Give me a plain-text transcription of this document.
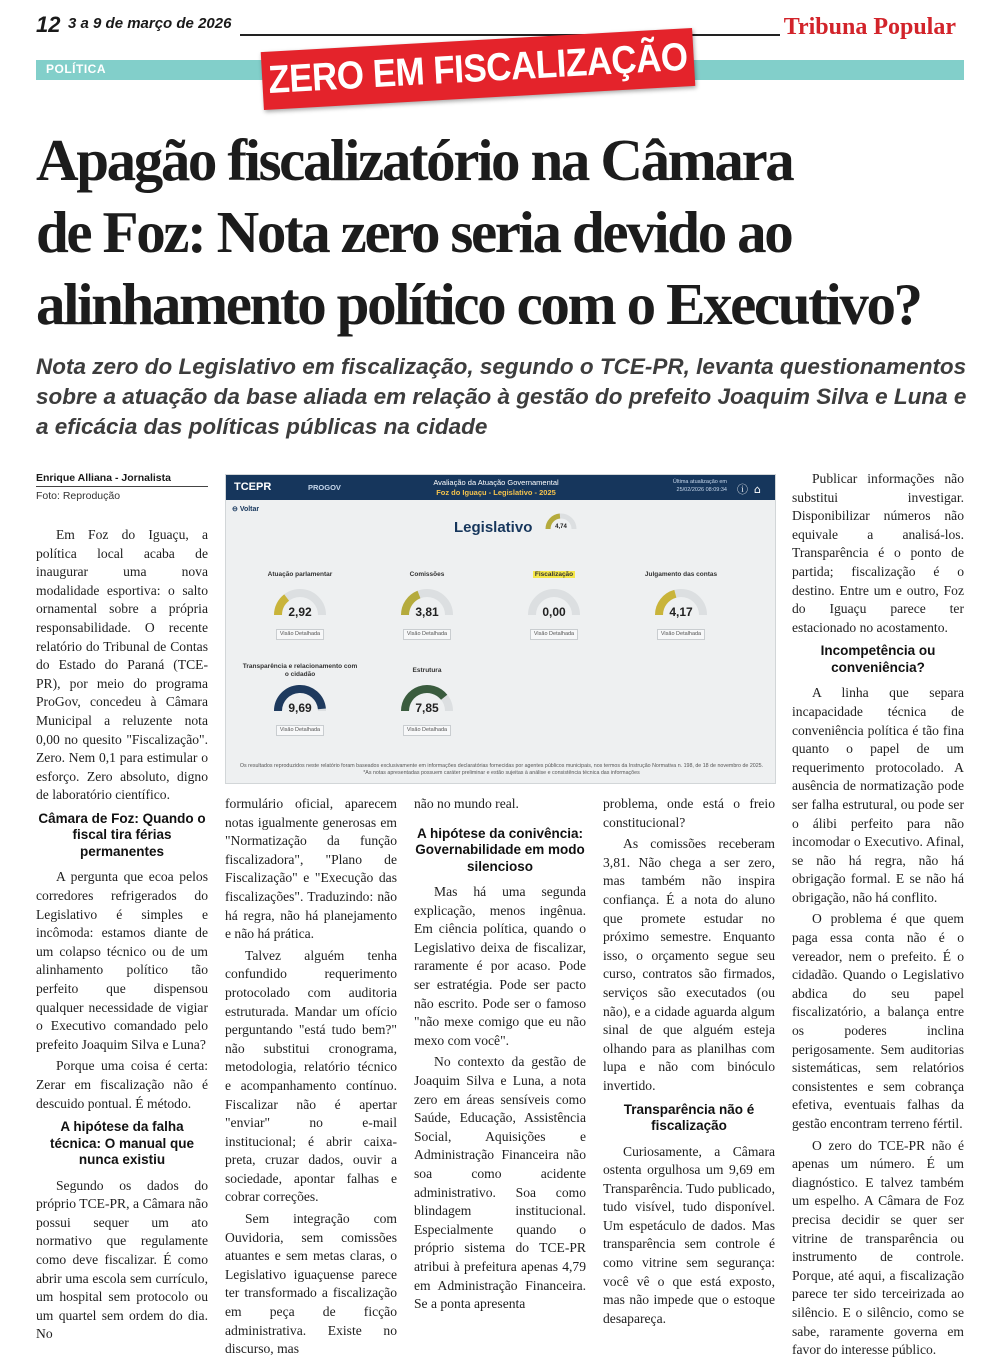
12 3 a 9 de março de 2026	Tribuna Popular
POLÍTICA	ZERO EM FISCALIZAÇÃO
Apagão fiscalizatório na Câmara
de Foz: Nota zero seria devido ao
alinhamento político com o Executivo?
Nota zero do Legislativo em fiscalização, segundo o TCE-PR, levanta questionamentos sobre a atuação da base aliada em relação à gestão do prefeito Joaquim Silva e Luna e a eficácia das políticas públicas na cidade
Enrique Alliana - Jornalista
Foto: Reprodução
TCEPR	PROGOV
Avaliação da Atuação Governamental
Foz do Iguaçu - Legislativo - 2025
Última atualização em
25/02/2026 08:09:34 ⓘ⌂
⊖ Voltar
Legislativo	4,74
Atuação parlamentar
2,92
Visão Detalhada
Comissões
3,81
Visão Detalhada
Fiscalização
0,00
Visão Detalhada
Julgamento das contas
4,17
Visão Detalhada
Transparência e relacionamento com o cidadão
9,69
Visão Detalhada
Estrutura
7,85
Visão Detalhada
Os resultados reproduzidos neste relatório foram baseados exclusivamente em informações declaratórias fornecidas por agentes públicos municipais, nos termos da Instrução Normativa n. 198, de 18 de novembro de 2025.
*As notas apresentadas possuem caráter preliminar e estão sujeitas à análise e consistência técnica das informações

Em Foz do Iguaçu, a política local acaba de inaugurar uma nova modalidade esportiva: o salto ornamental sobre a própria responsabilidade. O recente relatório do Tribunal de Contas do Estado do Paraná (TCE-PR), por meio do programa ProGov, concedeu à Câmara Municipal a reluzente nota 0,00 no quesito "Fiscalização". Zero. Nem 0,1 para estimular o esforço. Zero absoluto, digno de laboratório científico.

Câmara de Foz: Quando o fiscal tira férias permanentes

A pergunta que ecoa pelos corredores refrigerados do Legislativo é simples e incômoda: estamos diante de um colapso técnico ou de um alinhamento político tão perfeito que dispensou qualquer necessidade de vigiar o Executivo comandado pelo prefeito Joaquim Silva e Luna?

Porque uma coisa é certa: Zerar em fiscalização não é descuido pontual. É método.

A hipótese da falha técnica: O manual que nunca existiu

Segundo os dados do próprio TCE-PR, a Câmara não possui sequer um ato normativo que regulamente como deve fiscalizar. É como abrir uma escola sem currículo, um hospital sem protocolo ou um quartel sem ordem do dia. No

formulário oficial, aparecem notas igualmente generosas em "Normatização da função fiscalizadora", "Plano de Fiscalização" e "Execução das fiscalizações". Traduzindo: não há regra, não há planejamento e não há prática.

Talvez alguém tenha confundido requerimento protocolado com auditoria estruturada. Mandar um ofício perguntando "está tudo bem?" não substitui cronograma, metodologia, relatório técnico e acompanhamento contínuo. Fiscalizar não é apertar "enviar" no e-mail institucional; é abrir caixa-preta, cruzar dados, ouvir a sociedade, apontar falhas e cobrar correções.

Sem integração com Ouvidoria, sem comissões atuantes e sem metas claras, o Legislativo iguaçuense parece ter transformado a fiscalização em peça de ficção administrativa. Existe no discurso, mas

não no mundo real.

A hipótese da conivência: Governabilidade em modo silencioso

Mas há uma segunda explicação, menos ingênua. Em ciência política, quando o Legislativo deixa de fiscalizar, raramente é por acaso. Pode ser estratégia. Pode ser pacto não escrito. Pode ser o famoso "não mexe comigo que eu não mexo com você".

No contexto da gestão de Joaquim Silva e Luna, a nota zero em áreas sensíveis como Saúde, Educação, Assistência Social, Aquisições e Administração Financeira não soa como acidente administrativo. Soa como blindagem institucional. Especialmente quando o próprio sistema do TCE-PR atribui à prefeitura apenas 4,79 em Administração Financeira. Se a ponta apresenta

problema, onde está o freio constitucional?

As comissões receberam 3,81. Não chega a ser zero, mas também não inspira confiança. É a nota do aluno que promete estudar no próximo semestre. Enquanto isso, o orçamento segue seu curso, contratos são firmados, serviços são executados (ou não), e a cidade aguarda algum sinal de que alguém esteja olhando para as planilhas com lupa e não com binóculo invertido.

Transparência não é fiscalização

Curiosamente, a Câmara ostenta orgulhosa um 9,69 em Transparência. Tudo publicado, tudo visível, tudo disponível. Um espetáculo de dados. Mas transparência sem controle é como vitrine sem segurança: você vê o que está exposto, mas não impede que o estoque desapareça.

Publicar informações não substitui investigar. Disponibilizar números não equivale a analisá-los. Transparência é o ponto de partida; fiscalização é o destino. Entre um e outro, Foz do Iguaçu parece ter estacionado no acostamento.

Incompetência ou conveniência?

A linha que separa incapacidade técnica de conveniência política é tão fina quanto o papel de um requerimento protocolado. A ausência de normatização pode ser falha estrutural, ou pode ser o álibi perfeito para não incomodar o Executivo. Afinal, se não há regra, não há obrigação formal. E se não há obrigação, não há conflito.

O problema é que quem paga essa conta não é o vereador, nem o prefeito. É o cidadão. Quando o Legislativo abdica do seu papel fiscalizatório, a balança entre os poderes inclina perigosamente. Sem auditorias sistemáticas, sem relatórios consistentes e sem cobrança efetiva, eventuais falhas da gestão encontram terreno fértil.

O zero do TCE-PR não é apenas um número. É um diagnóstico. E talvez também um espelho. A Câmara de Foz precisa decidir se quer ser vitrine de transparência ou instrumento de controle. Porque, até aqui, a fiscalização parece ter sido terceirizada ao silêncio. E o silêncio, como se sabe, raramente governa em favor do interesse público.
